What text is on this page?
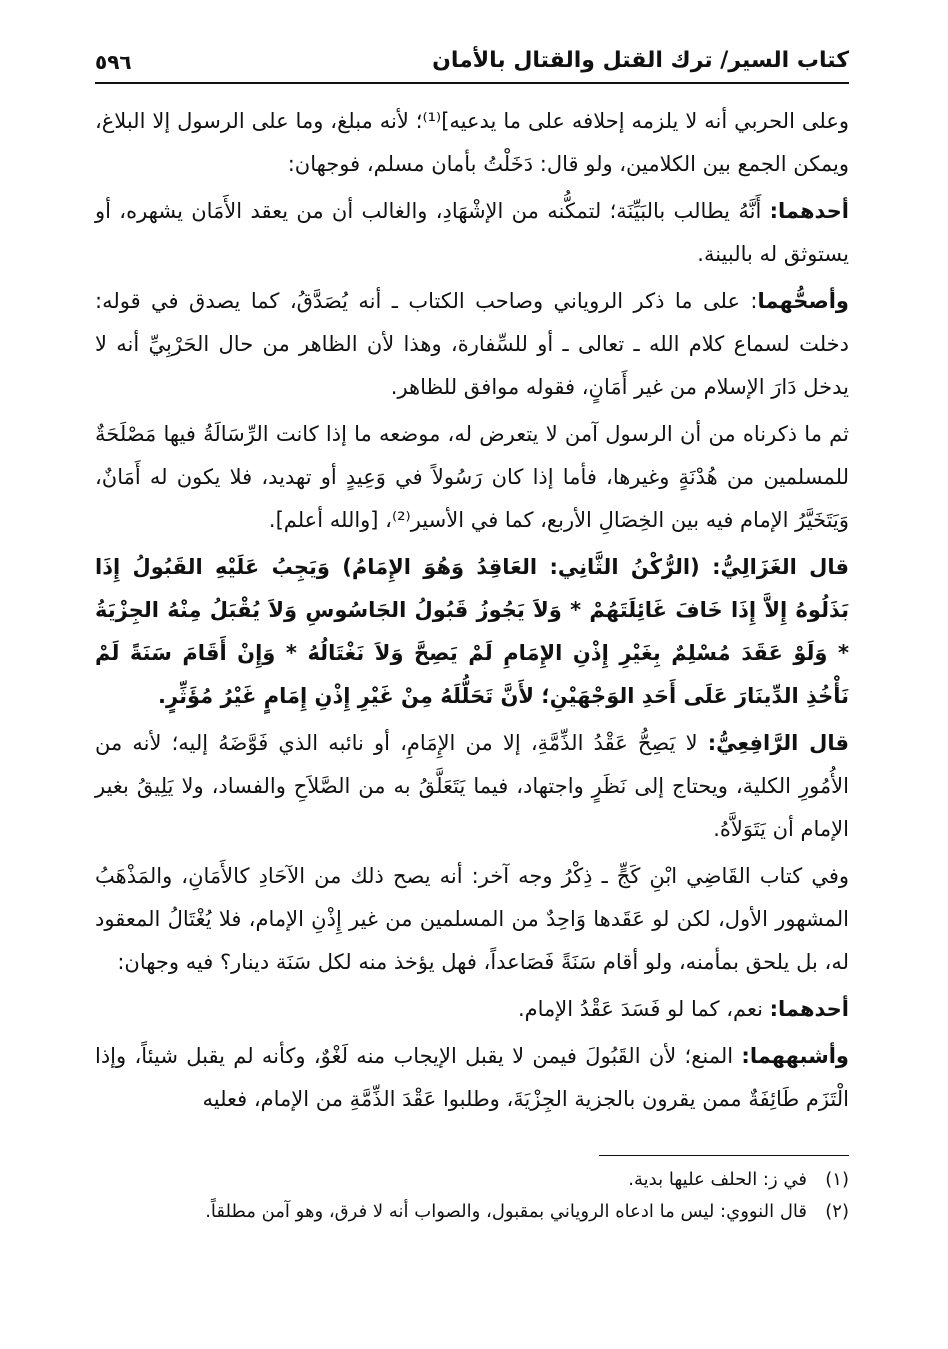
كتاب السير/ ترك القتل والقتال بالأمان
٥٩٦

وعلى الحربي أنه لا يلزمه إحلافه على ما يدعيه]⁽¹⁾؛ لأنه مبلغ، وما على الرسول إلا البلاغ، ويمكن الجمع بين الكلامين، ولو قال: دَخَلْتُ بأمان مسلم، فوجهان:

أحدهما: أَنَّهُ يطالب بالبَيِّنَة؛ لتمكُّنه من الإشْهَادِ، والغالب أن من يعقد الأَمَان يشهره، أو يستوثق له بالبينة.

وأصحُّهما: على ما ذكر الروياني وصاحب الكتاب ـ أنه يُصَدَّقُ، كما يصدق في قوله: دخلت لسماع كلام الله ـ تعالى ـ أو للسِّفارة، وهذا لأن الظاهر من حال الحَرْبِيِّ أنه لا يدخل دَارَ الإسلام من غير أَمَانٍ، فقوله موافق للظاهر.

ثم ما ذكرناه من أن الرسول آمن لا يتعرض له، موضعه ما إذا كانت الرِّسَالَةُ فيها مَصْلَحَةٌ للمسلمين من هُدْنَةٍ وغيرها، فأما إذا كان رَسُولاً في وَعِيدٍ أو تهديد، فلا يكون له أَمَانٌ، وَيَتَخَيَّرُ الإمام فيه بين الخِصَالِ الأربع، كما في الأسير⁽²⁾، [والله أعلم].

قال الغَزَالِيُّ: (الرُّكْنُ الثَّانِي: العَاقِدُ وَهُوَ الإِمَامُ) وَيَجِبُ عَلَيْهِ القَبُولُ إِذَا بَذَلُوهُ إِلاَّ إِذَا خَافَ غَائِلَتَهُمْ * وَلاَ يَجُوزُ قَبُولُ الجَاسُوسِ وَلاَ يُقْبَلُ مِنْهُ الجِزْيَةُ * وَلَوْ عَقَدَ مُسْلِمٌ بِغَيْرِ إِذْنِ الإِمَامِ لَمْ يَصِحَّ وَلاَ نَغْتَالُهُ * وَإِنْ أَقَامَ سَنَةً لَمْ نَأْخُذِ الدِّينَارَ عَلَى أَحَدِ الوَجْهَيْنِ؛ لأَنَّ تَحَلُّلَهُ مِنْ غَيْرِ إِذْنِ إِمَامٍ غَيْرُ مُؤَثِّرٍ.

قال الرَّافِعِيُّ: لا يَصِحُّ عَقْدُ الذِّمَّةِ، إلا من الإِمَامِ، أو نائبه الذي فَوَّضَهُ إليه؛ لأنه من الأُمُورِ الكلية، ويحتاج إلى نَظَرٍ واجتهاد، فيما يَتَعَلَّقُ به من الصَّلاَحِ والفساد، ولا يَلِيقُ بغير الإمام أن يَتَوَلاَّهُ.

وفي كتاب القَاضِي ابْنِ كَجٍّ ـ ذِكْرُ وجه آخر: أنه يصح ذلك من الآحَادِ كالأَمَانِ، والمَذْهَبُ المشهور الأول، لكن لو عَقَدها وَاحِدٌ من المسلمين من غير إِذْنِ الإمام، فلا يُغْتَالُ المعقود له، بل يلحق بمأمنه، ولو أقام سَنَةً فَصَاعداً، فهل يؤخذ منه لكل سَنَة دينار؟ فيه وجهان:

أحدهما: نعم، كما لو فَسَدَ عَقْدُ الإمام.

وأشبههما: المنع؛ لأن القَبُولَ فيمن لا يقبل الإيجاب منه لَغْوٌ، وكأنه لم يقبل شيئاً، وإذا الْتَزَم طَائِفَةٌ ممن يقرون بالجزية الجِزْيَةَ، وطلبوا عَقْدَ الذِّمَّةِ من الإمام، فعليه

(١)في ز: الحلف عليها بدية.
(٢)قال النووي: ليس ما ادعاه الروياني بمقبول، والصواب أنه لا فرق، وهو آمن مطلقاً.
